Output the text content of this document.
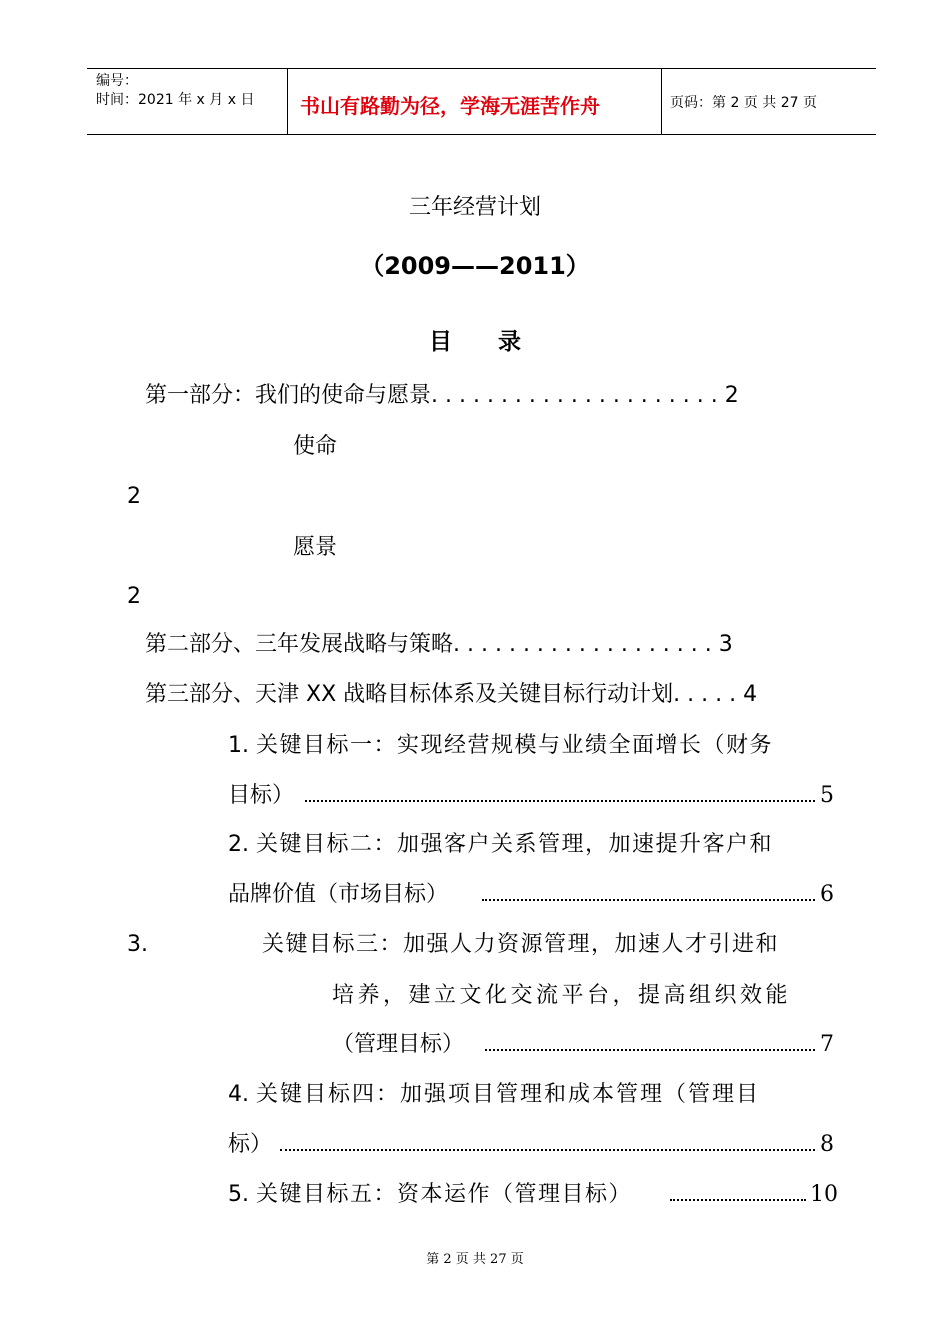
编号：
时间：2021 年 x 月 x 日 书山有路勤为径，学海无涯苦作舟	页码：第 2 页 共 27 页
三年经营计划
（2009——2011）
目　　录
第一部分：我们的使命与愿景. . . . . . . . . . . . . . . . . . . . . 2
使命
2
愿景
2
第二部分、三年发展战略与策略. . . . . . . . . . . . . . . . . . . 3
第三部分、天津 XX 战略目标体系及关键目标行动计划. . . . . 4
1. 关键目标一：实现经营规模与业绩全面增长（财务
目标）	5
2. 关键目标二：加强客户关系管理，加速提升客户和
品牌价值（市场目标）	6
3.	关键目标三：加强人力资源管理，加速人才引进和
培养，建立文化交流平台，提高组织效能
（管理目标）	7
4. 关键目标四：加强项目管理和成本管理（管理目
标）	8
5. 关键目标五：资本运作（管理目标）	10
第 2 页 共 27 页
